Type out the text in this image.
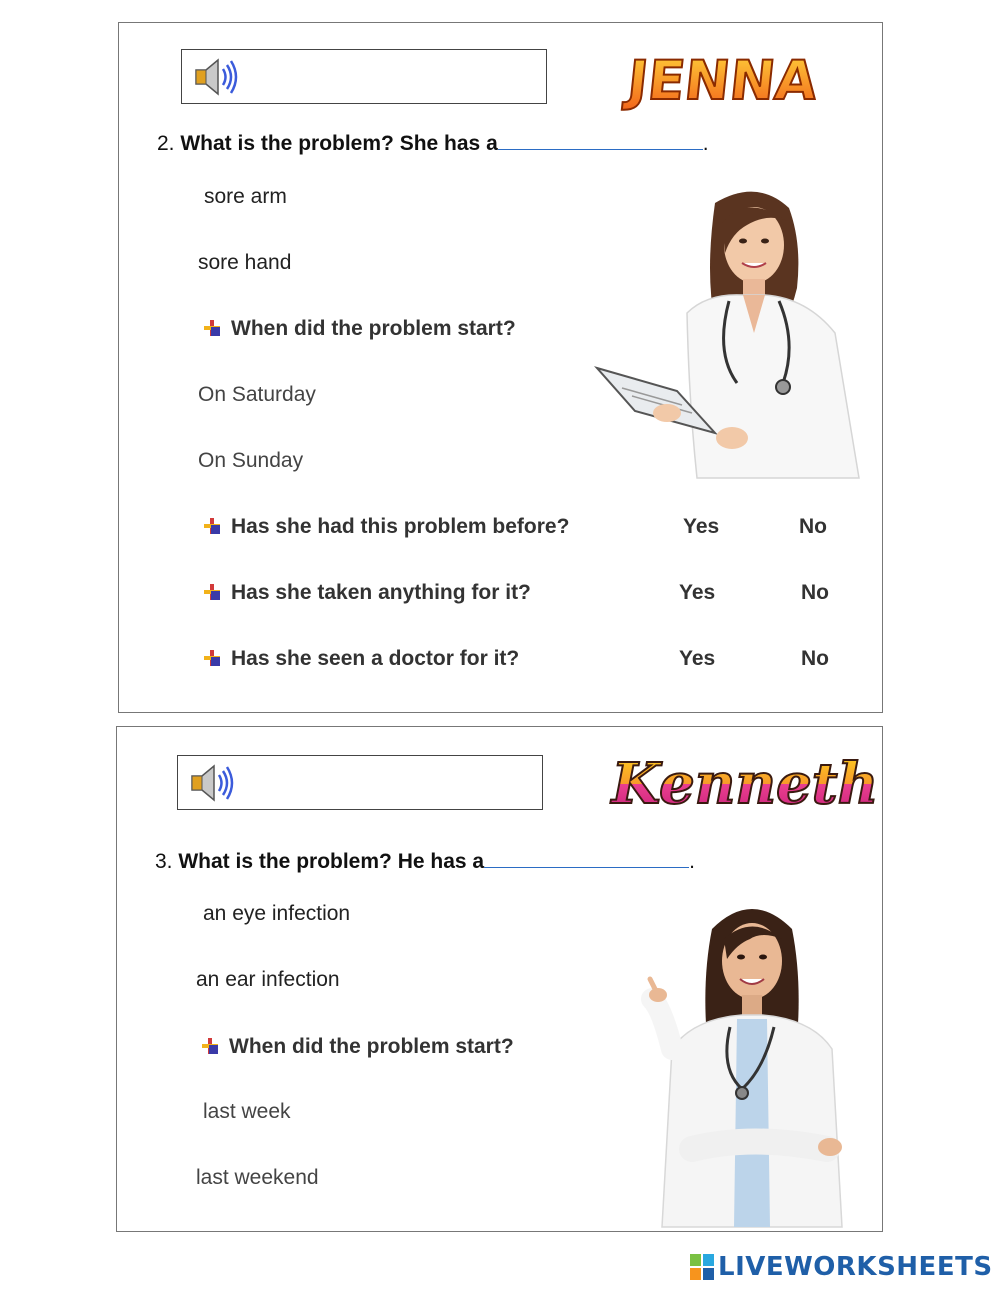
JENNA
2. What is the problem? She has a	.
sore arm
sore hand
When did the problem start?
On Saturday
On Sunday
Has she had this problem before?	Yes	No
Has she taken anything for it?	Yes	No
Has she seen a doctor for it?	Yes	No
Kenneth
3. What is the problem? He has a	.
an eye infection
an ear infection
When did the problem start?
last week
last weekend
LIVEWORKSHEETS
